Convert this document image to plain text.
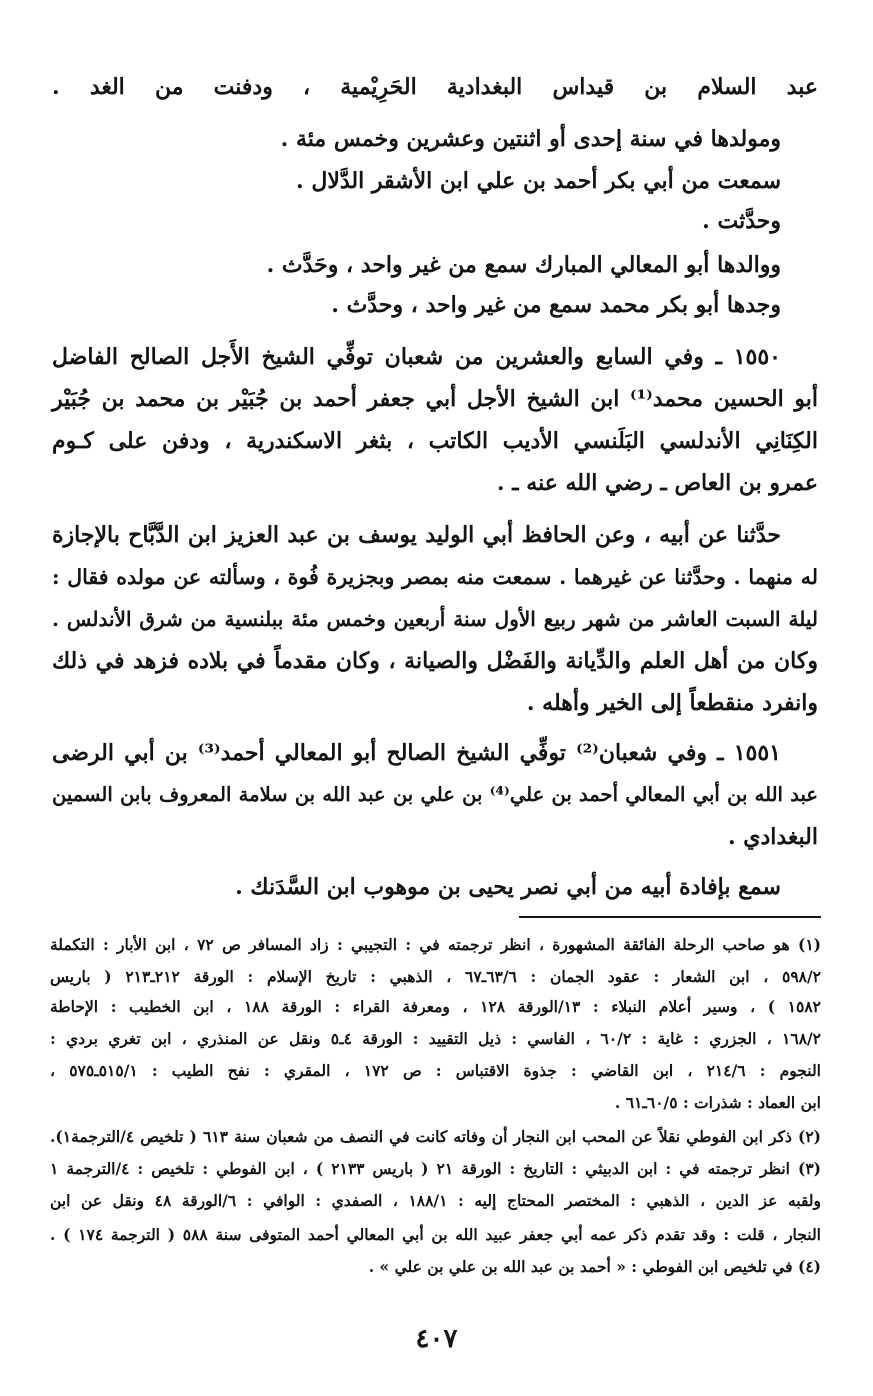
عبد السلام بن قيداس البغدادية الحَرِيْمية ، ودفنت من الغد .
ومولدها في سنة إحدى أو اثنتين وعشرين وخمس مئة .
سمعت من أبي بكر أحمد بن علي ابن الأشقر الدَّلال .
وحدَّثت .
ووالدها أبو المعالي المبارك سمع من غير واحد ، وحَدَّث .
وجدها أبو بكر محمد سمع من غير واحد ، وحدَّث .
١٥٥٠ ـ وفي السابع والعشرين من شعبان توفِّي الشيخ الأَجل الصالح الفاضل
أبو الحسين محمد⁽¹⁾ ابن الشيخ الأجل أبي جعفر أحمد بن جُبَيْر بن محمد بن جُبَيْر
الكِنَانِي الأندلسي البَلَنسي الأديب الكاتب ، بثغر الاسكندرية ، ودفن على كـوم
عمرو بن العاص ـ رضي الله عنه ـ .
حدَّثنا عن أبيه ، وعن الحافظ أبي الوليد يوسف بن عبد العزيز ابن الدَّبَّاح بالإجازة
له منهما . وحدَّثنا عن غيرهما . سمعت منه بمصر وبجزيرة فُوة ، وسألته عن مولده فقال :
ليلة السبت العاشر من شهر ربيع الأول سنة أربعين وخمس مئة ببلنسية من شرق الأندلس .
وكان من أهل العلم والدِّيانة والفَضْل والصيانة ، وكان مقدماً في بلاده فزهد في ذلك
وانفرد منقطعاً إلى الخير وأهله .
١٥٥١ ـ وفي شعبان⁽²⁾ توفِّي الشيخ الصالح أبو المعالي أحمد⁽³⁾ بن أبي الرضى
عبد الله بن أبي المعالي أحمد بن علي⁽⁴⁾ بن علي بن عبد الله بن سلامة المعروف بابن السمين
البغدادي .
سمع بإفادة أبيه من أبي نصر يحيى بن موهوب ابن السَّدَنك .
(١) هو صاحب الرحلة الفائقة المشهورة ، انظر ترجمته في : التجيبي : زاد المسافر ص ٧٢ ، ابن الأبار : التكملة
٥٩٨/٢ ، ابن الشعار : عقود الجمان : ٦٣/٦ـ٦٧ ، الذهبي : تاريخ الإسلام : الورقة ٢١٢ـ٢١٣ ( باريس
١٥٨٢ ) ، وسير أعلام النبلاء : ١٣/الورقة ١٢٨ ، ومعرفة القراء : الورقة ١٨٨ ، ابن الخطيب : الإحاطة
١٦٨/٢ ، الجزري : غاية : ٦٠/٢ ، الفاسي : ذيل التقييد : الورقة ٤ـ٥ ونقل عن المنذري ، ابن تغري بردي :
النجوم : ٢١٤/٦ ، ابن القاضي : جذوة الاقتباس : ص ١٧٢ ، المقري : نفح الطيب : ٥١٥/١ـ٥٧٥ ،
ابن العماد : شذرات : ٦٠/٥ـ٦١ .
(٢) ذكر ابن الفوطي نقلاً عن المحب ابن النجار أن وفاته كانت في النصف من شعبان سنة ٦١٣ ( تلخيص ٤/الترجمة١).
(٣) انظر ترجمته في : ابن الدبيثي : التاريخ : الورقة ٢١ ( باريس ٢١٣٣ ) ، ابن الفوطي : تلخيص : ٤/الترجمة ١
ولقبه عز الدين ، الذهبي : المختصر المحتاج إليه : ١٨٨/١ ، الصفدي : الوافي : ٦/الورقة ٤٨ ونقل عن ابن
النجار ، قلت : وقد تقدم ذكر عمه أبي جعفر عبيد الله بن أبي المعالي أحمد المتوفى سنة ٥٨٨ ( الترجمة ١٧٤ ) .
(٤) في تلخيص ابن الفوطي : « أحمد بن عبد الله بن علي بن علي » .
٤٠٧
